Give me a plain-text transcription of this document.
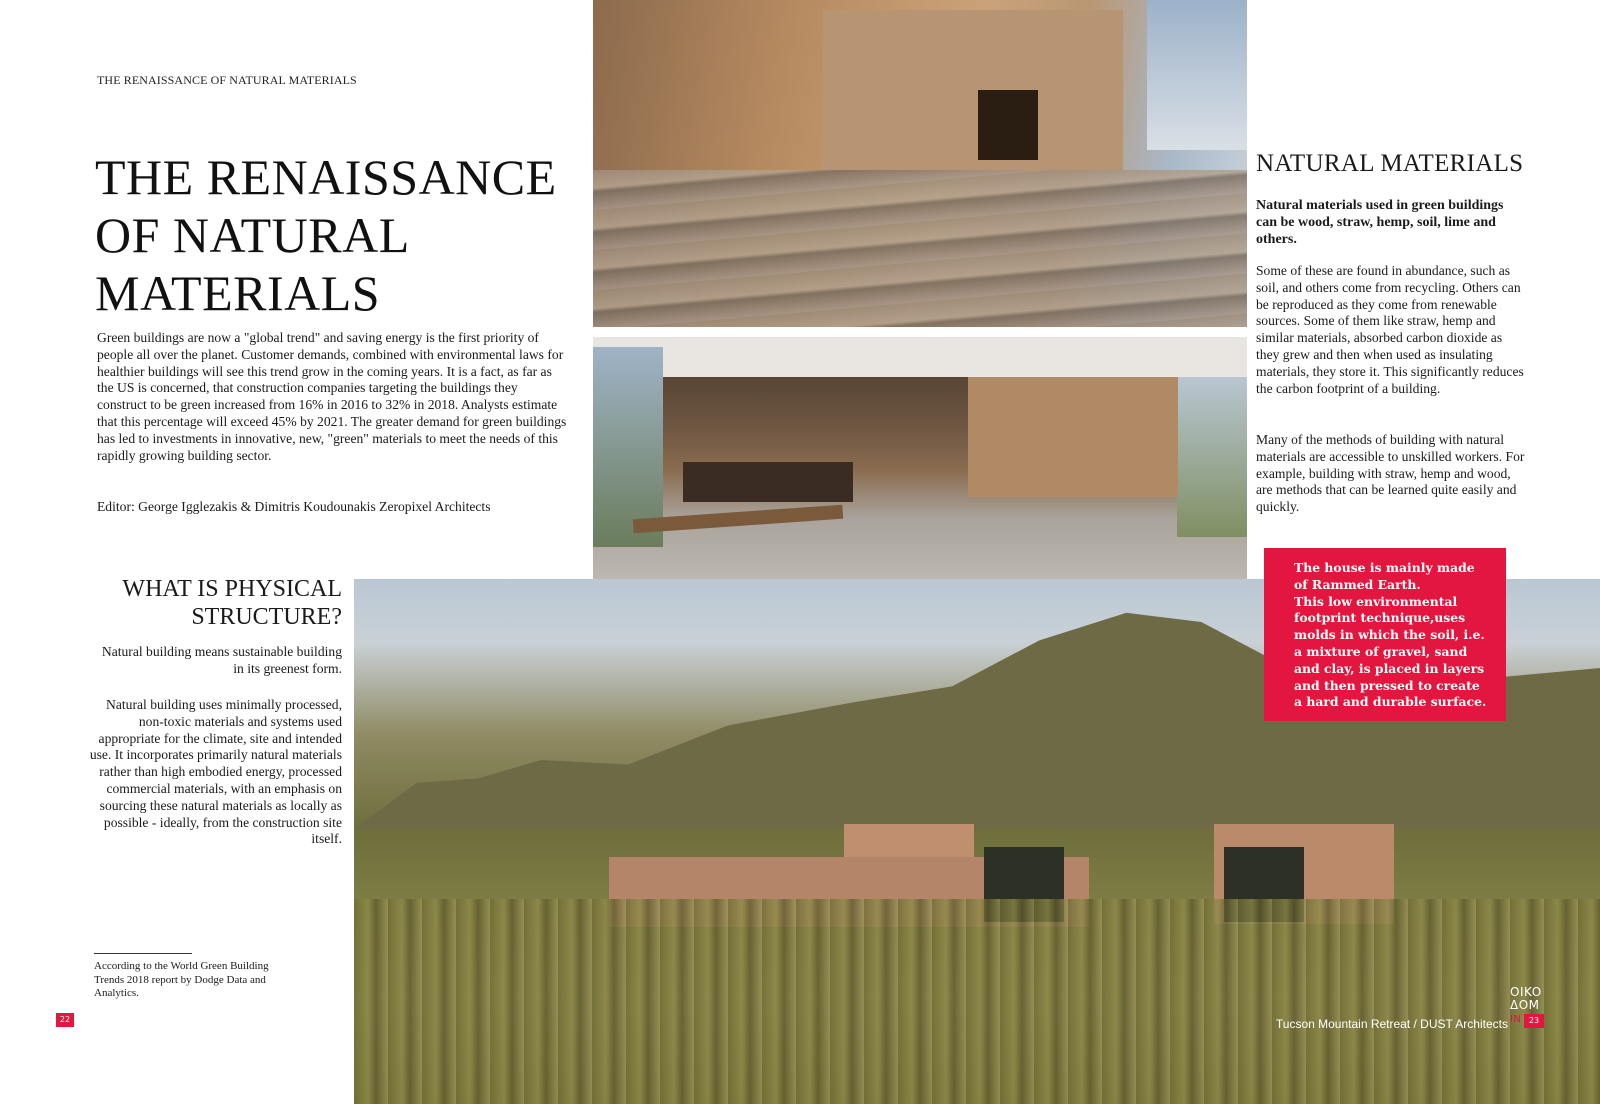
THE RENAISSANCE OF NATURAL MATERIALS
THE RENAISSANCE
OF NATURAL
MATERIALS

Green buildings are now a "global trend" and saving energy is the first priority of people all over the planet. Customer demands, combined with environmental laws for healthier buildings will see this trend grow in the coming years. It is a fact, as far as the US is concerned, that construction companies targeting the buildings they construct to be green increased from 16% in 2016 to 32% in 2018. Analysts estimate that this percentage will exceed 45% by 2021. The greater demand for green buildings has led to investments in innovative, new, "green" materials to meet the needs of this rapidly growing building sector.

Editor: George Igglezakis & Dimitris Koudounakis Zeropixel Architects

NATURAL MATERIALS

Natural materials used in green buildings can be wood, straw, hemp, soil, lime and others.

Some of these are found in abundance, such as soil, and others come from recycling. Others can be reproduced as they come from renewable sources. Some of them like straw, hemp and similar materials, absorbed carbon dioxide as they grew and then when used as insulating materials, they store it. This significantly reduces the carbon footprint of a building.

Many of the methods of building with natural materials are accessible to unskilled workers. For example, building with straw, hemp and wood, are methods that can be learned quite easily and quickly.

The house is mainly made of Rammed Earth.

This low environmental footprint technique,uses molds in which the soil, i.e. a mixture of gravel, sand and clay, is placed in layers and then pressed to create a hard and durable surface.

WHAT IS PHYSICAL
STRUCTURE?

Natural building means sustainable building in its greenest form.

Natural building uses minimally processed, non-toxic materials and systems used appropriate for the climate, site and intended use. It incorporates primarily natural materials rather than high embodied energy, processed commercial materials, with an emphasis on sourcing these natural materials as locally as possible - ideally, from the construction site itself.

According to the World Green Building Trends 2018 report by Dodge Data and Analytics.

22	Tucson Mountain Retreat / DUST Architects
OIKO
ΔΟΜ
IN 23
